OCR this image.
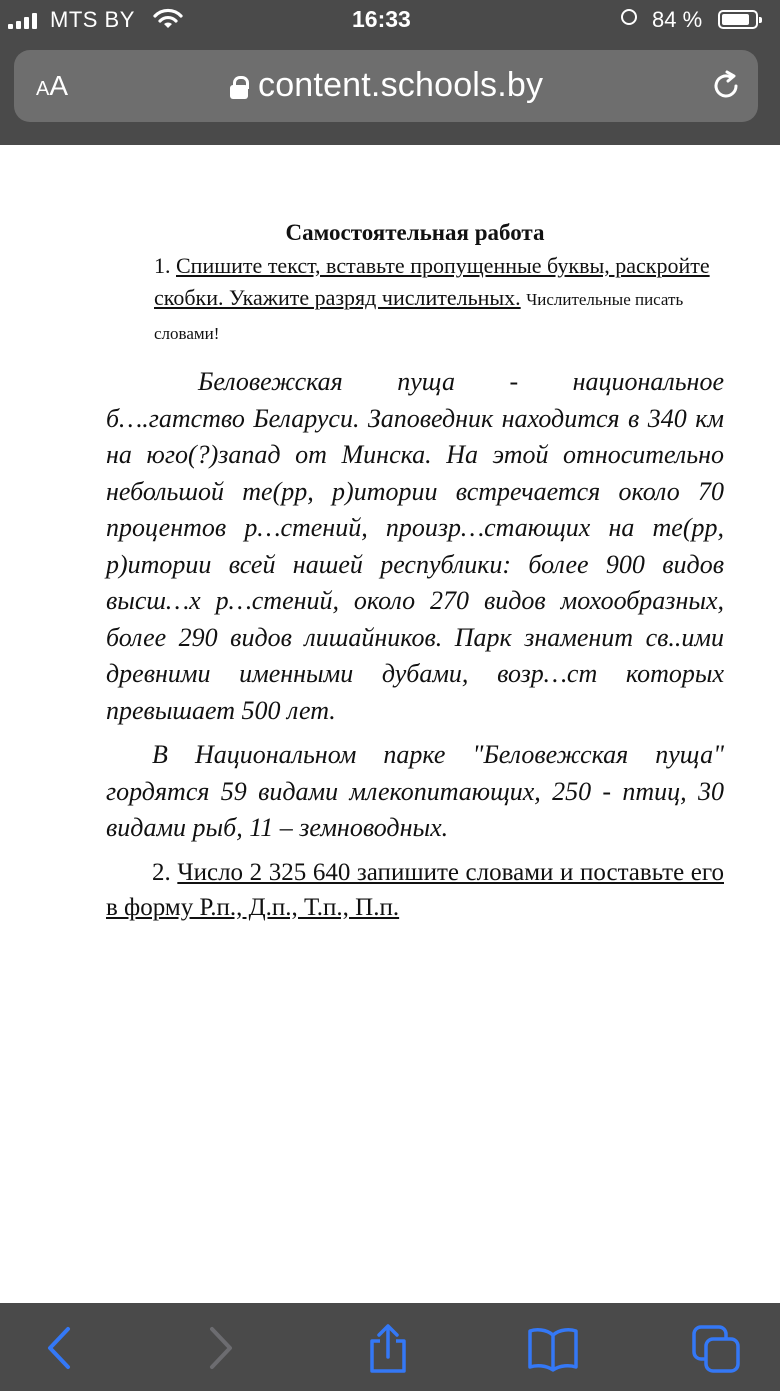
MTS BY	16:33	84 %
AA	content.schools.by
Самостоятельная работа
1. Спишите текст, вставьте пропущенные буквы, раскройте скобки. Укажите разряд числительных. Числительные писать словами!

Беловежская пуща - национальное б….гатство Беларуси. Заповедник находится в 340 км на юго(?)запад от Минска. На этой относительно небольшой те(рр, р)итории встречается около 70 процентов р…стений, произр…стающих на те(рр, р)итории всей нашей республики: более 900 видов высш…х р…стений, около 270 видов мохообразных, более 290 видов лишайников. Парк знаменит св..ими древними именными дубами, возр…ст которых превышает 500 лет.

В Национальном парке "Беловежская пуща" гордятся 59 видами млекопитающих, 250 - птиц, 30 видами рыб, 11 – земноводных.

2. Число 2 325 640 запишите словами и поставьте его в форму Р.п., Д.п., Т.п., П.п.
